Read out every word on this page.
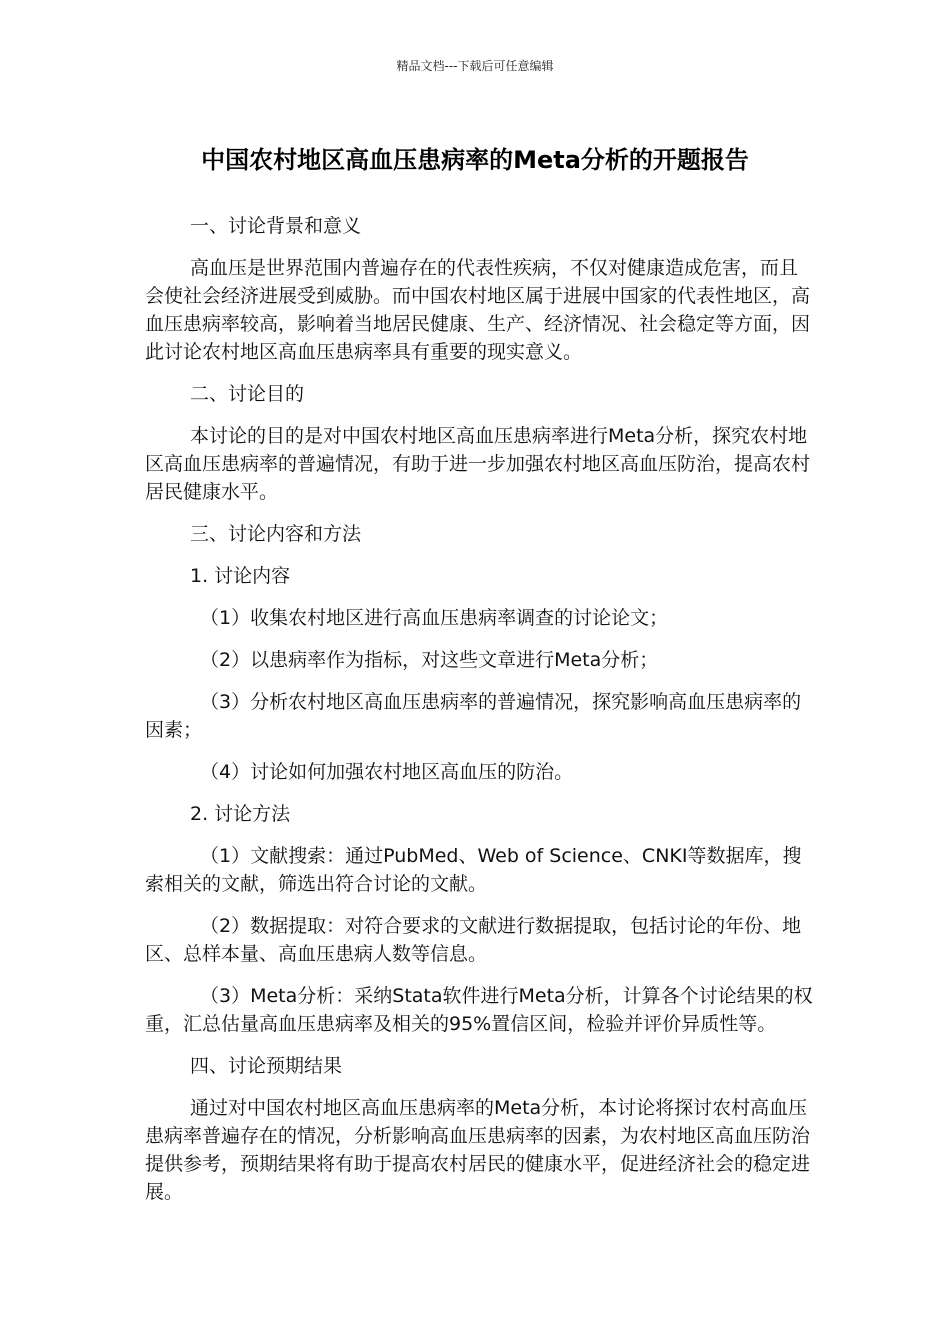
精品文档---下载后可任意编辑
中国农村地区高血压患病率的Meta分析的开题报告

一、讨论背景和意义

高血压是世界范围内普遍存在的代表性疾病，不仅对健康造成危害，而且会使社会经济进展受到威胁。而中国农村地区属于进展中国家的代表性地区，高血压患病率较高，影响着当地居民健康、生产、经济情况、社会稳定等方面，因此讨论农村地区高血压患病率具有重要的现实意义。

二、讨论目的

本讨论的目的是对中国农村地区高血压患病率进行Meta分析，探究农村地区高血压患病率的普遍情况，有助于进一步加强农村地区高血压防治，提高农村居民健康水平。

三、讨论内容和方法

1. 讨论内容

（1）收集农村地区进行高血压患病率调查的讨论论文；

（2）以患病率作为指标，对这些文章进行Meta分析；

（3）分析农村地区高血压患病率的普遍情况，探究影响高血压患病率的因素；

（4）讨论如何加强农村地区高血压的防治。

2. 讨论方法

（1）文献搜索：通过PubMed、Web of Science、CNKI等数据库，搜索相关的文献，筛选出符合讨论的文献。

（2）数据提取：对符合要求的文献进行数据提取，包括讨论的年份、地区、总样本量、高血压患病人数等信息。

（3）Meta分析：采纳Stata软件进行Meta分析，计算各个讨论结果的权重，汇总估量高血压患病率及相关的95%置信区间，检验并评价异质性等。

四、讨论预期结果

通过对中国农村地区高血压患病率的Meta分析，本讨论将探讨农村高血压患病率普遍存在的情况，分析影响高血压患病率的因素，为农村地区高血压防治提供参考，预期结果将有助于提高农村居民的健康水平，促进经济社会的稳定进展。
